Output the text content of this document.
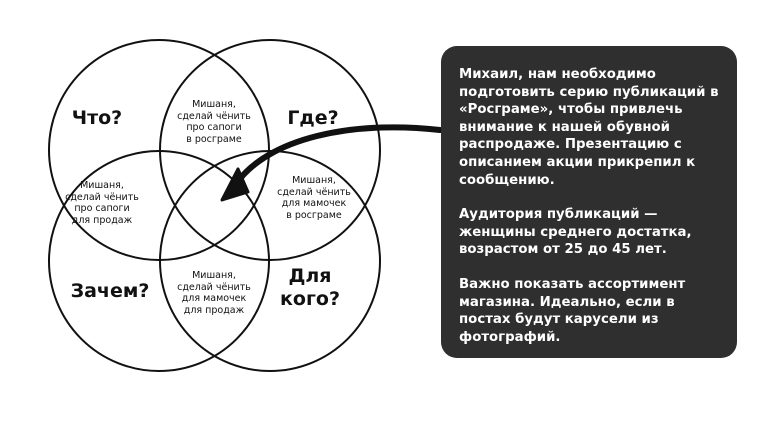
Что?	Где?
Зачем?
Для
кого?
Мишаня,
сделай чёнить
про сапоги
в росграме
Мишаня,
сделай чёнить
про сапоги
для продаж
Мишаня,
сделай чёнить
для мамочек
в росграме
Мишаня,
сделай чёнить
для мамочек
для продаж

Михаил, нам необходимо
подготовить серию публикаций в
«Росграме», чтобы привлечь
внимание к нашей обувной
распродаже. Презентацию с
описанием акции прикрепил к
сообщению.

Аудитория публикаций —
женщины среднего достатка,
возрастом от 25 до 45 лет.

Важно показать ассортимент
магазина. Идеально, если в
постах будут карусели из
фотографий.
